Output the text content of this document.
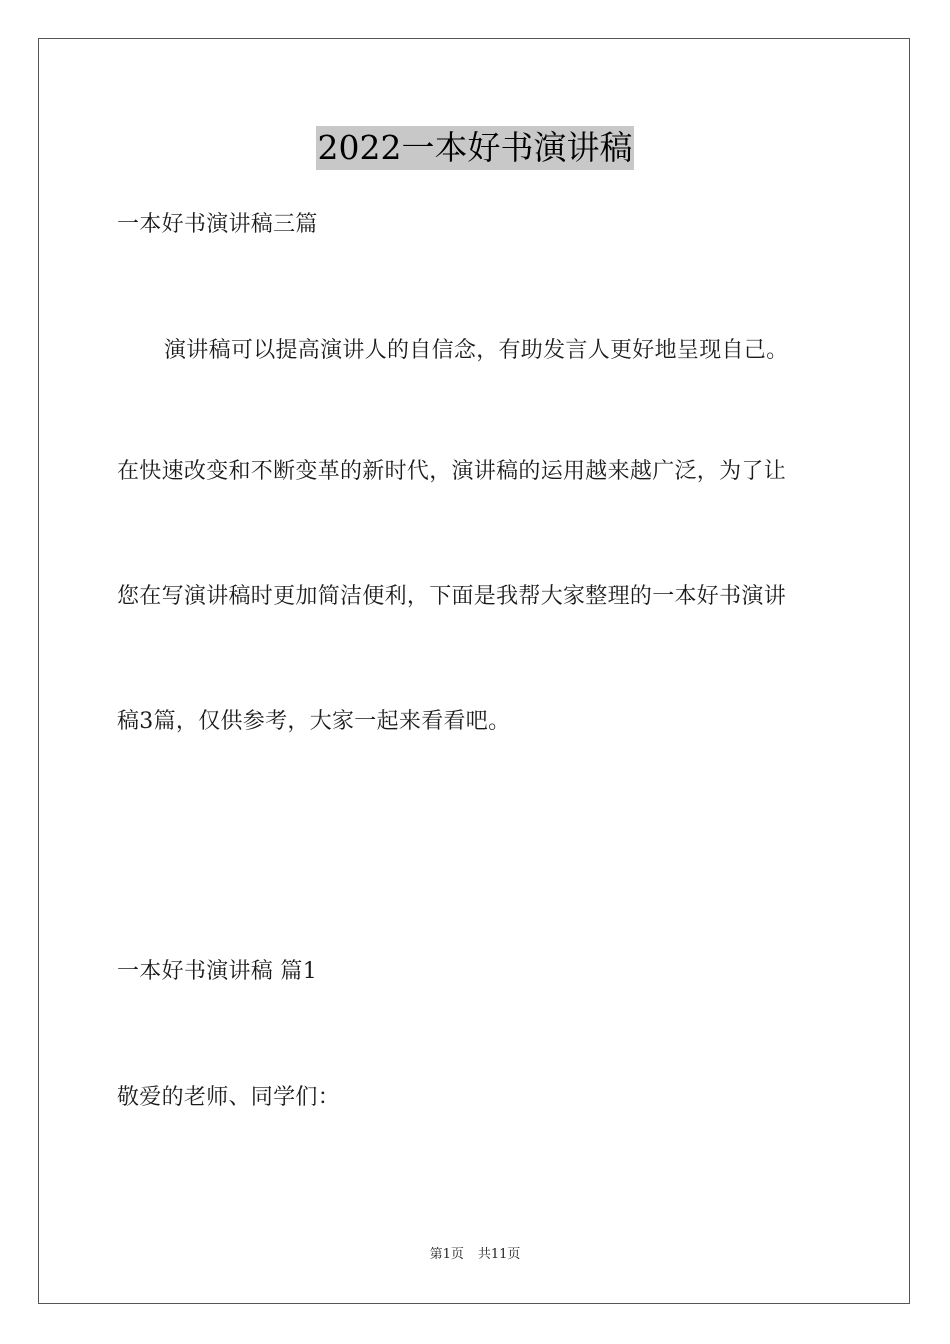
2022一本好书演讲稿
一本好书演讲稿三篇
演讲稿可以提高演讲人的自信念，有助发言人更好地呈现自己。
在快速改变和不断变革的新时代，演讲稿的运用越来越广泛，为了让
您在写演讲稿时更加简洁便利，下面是我帮大家整理的一本好书演讲
稿3篇，仅供参考，大家一起来看看吧。
一本好书演讲稿 篇1
敬爱的老师、同学们：
第1页 共11页
